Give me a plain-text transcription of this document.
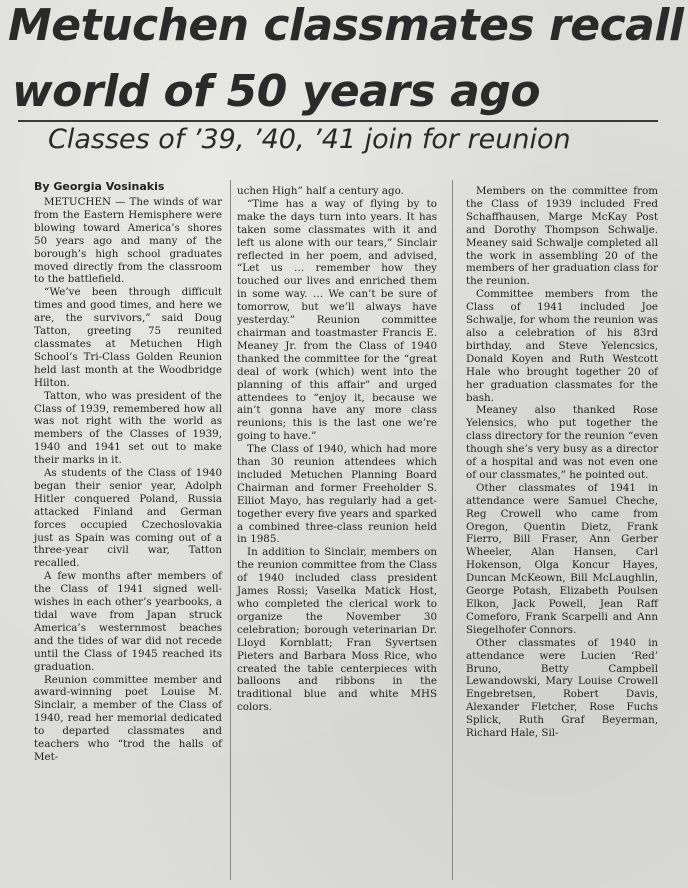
Metuchen classmates recall
world of 50 years ago
Classes of ’39, ’40, ’41 join for reunion
By Georgia Vosinakis

METUCHEN — The winds of war from the Eastern Hemisphere were blowing toward America’s shores 50 years ago and many of the borough’s high school graduates moved directly from the classroom to the battlefield.

“We’ve been through difficult times and good times, and here we are, the survivors,” said Doug Tatton, greeting 75 reunited classmates at Metuchen High School’s Tri-Class Golden Reunion held last month at the Woodbridge Hilton.

Tatton, who was president of the Class of 1939, remembered how all was not right with the world as members of the Classes of 1939, 1940 and 1941 set out to make their marks in it.

As students of the Class of 1940 began their senior year, Adolph Hitler conquered Poland, Russia attacked Finland and German forces occupied Czechoslovakia just as Spain was coming out of a three-year civil war, Tatton recalled.

A few months after members of the Class of 1941 signed well-wishes in each other’s yearbooks, a tidal wave from Japan struck America’s westernmost beaches and the tides of war did not recede until the Class of 1945 reached its graduation.

Reunion committee member and award-winning poet Louise M. Sinclair, a member of the Class of 1940, read her memorial dedicated to departed classmates and teachers who “trod the halls of Met-

uchen High” half a century ago.

“Time has a way of flying by to make the days turn into years. It has taken some classmates with it and left us alone with our tears,” Sinclair reflected in her poem, and advised, “Let us … remember how they touched our lives and enriched them in some way. … We can’t be sure of tomorrow, but we’ll always have yesterday.” Reunion committee chairman and toastmaster Francis E. Meaney Jr. from the Class of 1940 thanked the committee for the “great deal of work (which) went into the planning of this affair” and urged attendees to “enjoy it, because we ain’t gonna have any more class reunions; this is the last one we’re going to have.”

The Class of 1940, which had more than 30 reunion attendees which included Metuchen Planning Board Chairman and former Freeholder S. Elliot Mayo, has regularly had a get-together every five years and sparked a combined three-class reunion held in 1985.

In addition to Sinclair, members on the reunion committee from the Class of 1940 included class president James Rossi; Vaselka Matick Host, who completed the clerical work to organize the November 30 celebration; borough veterinarian Dr. Lloyd Kornblatt; Fran Syvertsen Pieters and Barbara Moss Rice, who created the table centerpieces with balloons and ribbons in the traditional blue and white MHS colors.

Members on the committee from the Class of 1939 included Fred Schaffhausen, Marge McKay Post and Dorothy Thompson Schwalje. Meaney said Schwalje completed all the work in assembling 20 of the members of her graduation class for the reunion.

Committee members from the Class of 1941 included Joe Schwalje, for whom the reunion was also a celebration of his 83rd birthday, and Steve Yelencsics, Donald Koyen and Ruth Westcott Hale who brought together 20 of her graduation classmates for the bash.

Meaney also thanked Rose Yelensics, who put together the class directory for the reunion “even though she’s very busy as a director of a hospital and was not even one of our classmates,” he pointed out.

Other classmates of 1941 in attendance were Samuel Cheche, Reg Crowell who came from Oregon, Quentin Dietz, Frank Fierro, Bill Fraser, Ann Gerber Wheeler, Alan Hansen, Carl Hokenson, Olga Koncur Hayes, Duncan McKeown, Bill McLaughlin, George Potash, Elizabeth Poulsen Elkon, Jack Powell, Jean Raff Comeforo, Frank Scarpelli and Ann Siegelhofer Connors.

Other classmates of 1940 in attendance were Lucien ‘Red’ Bruno, Betty Campbell Lewandowski, Mary Louise Crowell Engebretsen, Robert Davis, Alexander Fletcher, Rose Fuchs Splick, Ruth Graf Beyerman, Richard Hale, Sil-
